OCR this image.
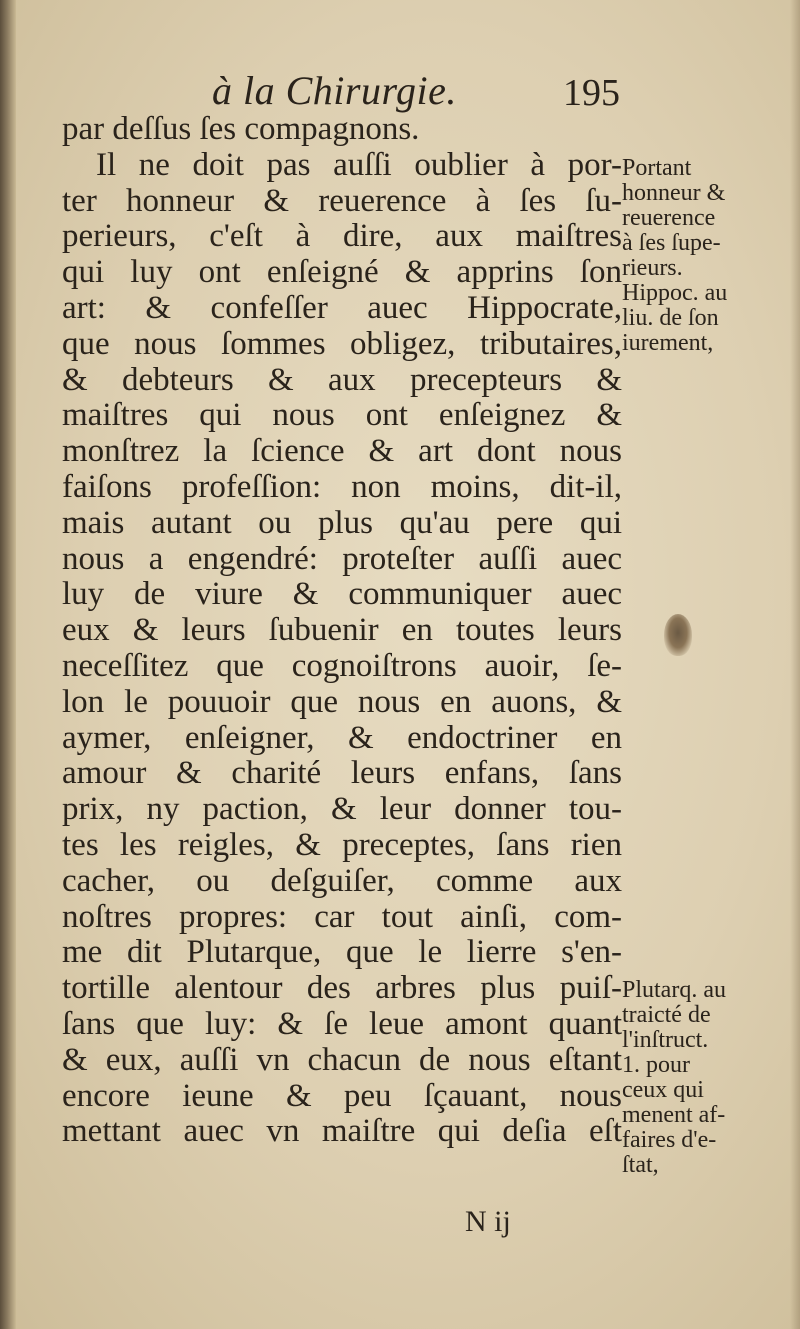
à la Chirurgie.	195
par deſſus ſes compagnons.
Il ne doit pas auſſi oublier à por-
ter honneur & reuerence à ſes ſu-
perieurs, c'eſt à dire, aux maiſtres
qui luy ont enſeigné & apprins ſon
art: & confeſſer auec Hippocrate,
que nous ſommes obligez, tributaires,
& debteurs & aux precepteurs &
maiſtres qui nous ont enſeignez &
monſtrez la ſcience & art dont nous
faiſons profeſſion: non moins, dit-il,
mais autant ou plus qu'au pere qui
nous a engendré: proteſter auſſi auec
luy de viure & communiquer auec
eux & leurs ſubuenir en toutes leurs
neceſſitez que cognoiſtrons auoir, ſe-
lon le pouuoir que nous en auons, &
aymer, enſeigner, & endoctriner en
amour & charité leurs enfans, ſans
prix, ny paction, & leur donner tou-
tes les reigles, & preceptes, ſans rien
cacher, ou deſguiſer, comme aux
noſtres propres: car tout ainſi, com-
me dit Plutarque, que le lierre s'en-
tortille alentour des arbres plus puiſ-
ſans que luy: & ſe leue amont quant
& eux, auſſi vn chacun de nous eſtant
encore ieune & peu ſçauant, nous
mettant auec vn maiſtre qui deſia eſt
Portant
honneur &
reuerence
à ſes ſupe-
rieurs.
Hippoc. au
liu. de ſon
iurement,
Plutarq. au
traicté de
l'inſtruct.
1. pour
ceux qui
menent af-
faires d'e-
ſtat,
N ij
